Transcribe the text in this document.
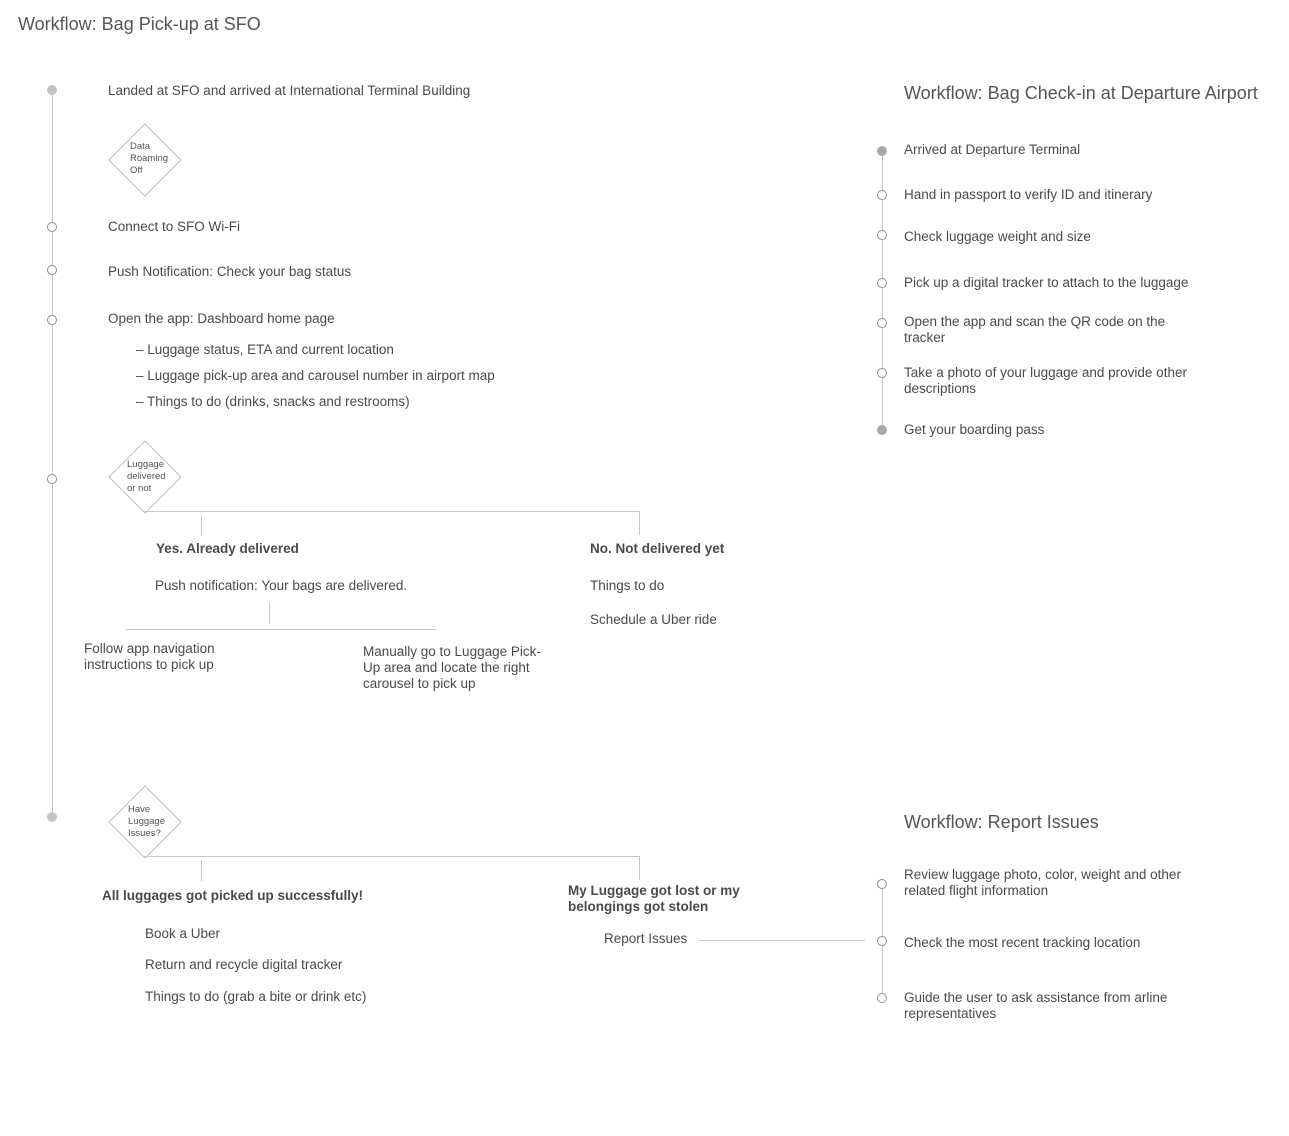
Workflow: Bag Pick-up at SFO
Landed at SFO and arrived at International Terminal Building
Data
Roaming
Off
Connect to SFO Wi-Fi
Push Notification: Check your bag status
Open the app: Dashboard home page
– Luggage status, ETA and current location
– Luggage pick-up area and carousel number in airport map
– Things to do (drinks, snacks and restrooms)
Luggage
delivered
or not
Yes. Already delivered
Push notification: Your bags are delivered.
Follow app navigation instructions to pick up
Manually go to Luggage Pick-Up area and locate the right carousel to pick up
No. Not delivered yet
Things to do
Schedule a Uber ride
Have
Luggage
Issues?
All luggages got picked up successfully!
Book a Uber
Return and recycle digital tracker
Things to do (grab a bite or drink etc)
My Luggage got lost or my belongings got stolen
Report Issues
Workflow: Bag Check-in at Departure Airport
Arrived at Departure Terminal
Hand in passport to verify ID and itinerary
Check luggage weight and size
Pick up a digital tracker to attach to the luggage
Open the app and scan the QR code on the tracker
Take a photo of your luggage and provide other descriptions
Get your boarding pass
Workflow: Report Issues
Review luggage photo, color, weight and other related flight information
Check the most recent tracking location
Guide the user to ask assistance from arline representatives
